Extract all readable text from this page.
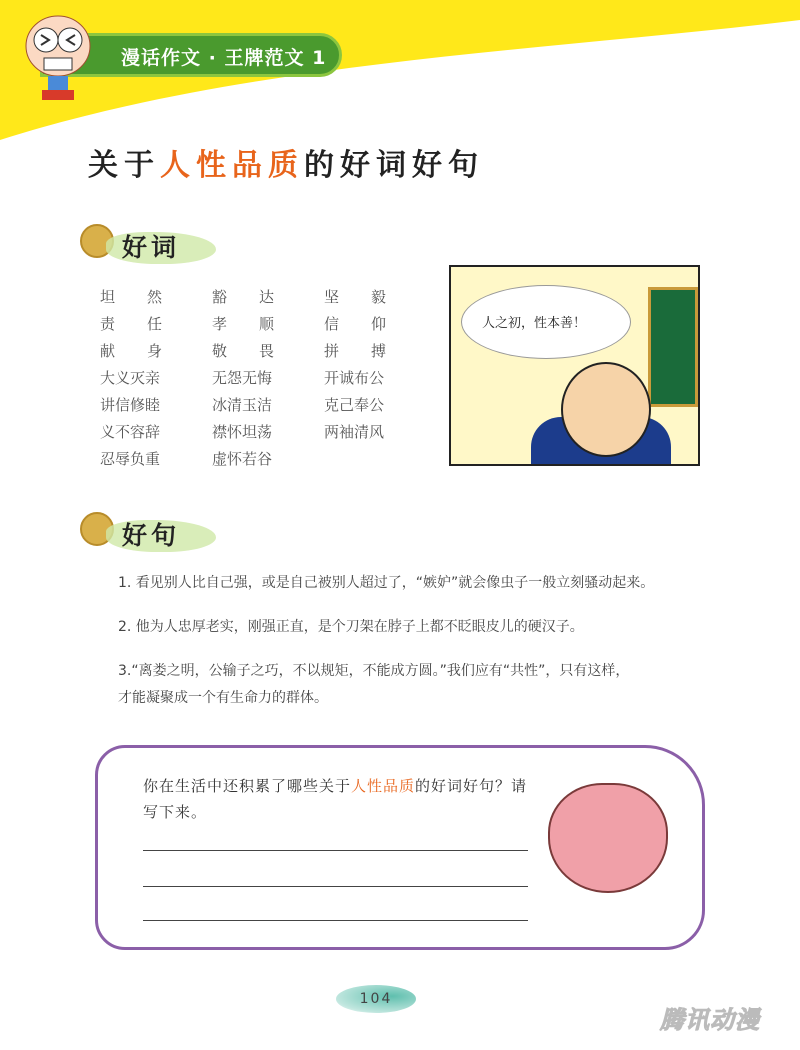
漫话作文 · 王牌范文 1
关于人性品质的好词好句
好词
坦 然	豁 达	坚 毅
责 任	孝 顺	信 仰
献 身	敬 畏	拼 搏
大义灭亲	无怨无悔	开诚布公
讲信修睦	冰清玉洁	克己奉公
义不容辞	襟怀坦荡	两袖清风
忍辱负重	虚怀若谷
人之初，性本善！
好句
1. 看见别人比自己强，或是自己被别人超过了，“嫉妒”就会像虫子一般立刻骚动起来。
2. 他为人忠厚老实，刚强正直，是个刀架在脖子上都不眨眼皮儿的硬汉子。
3.“离娄之明，公输子之巧，不以规矩，不能成方圆。”我们应有“共性”，只有这样，
才能凝聚成一个有生命力的群体。
你在生活中还积累了哪些关于人性品质的好词好句？请写下来。
104
腾讯动漫
